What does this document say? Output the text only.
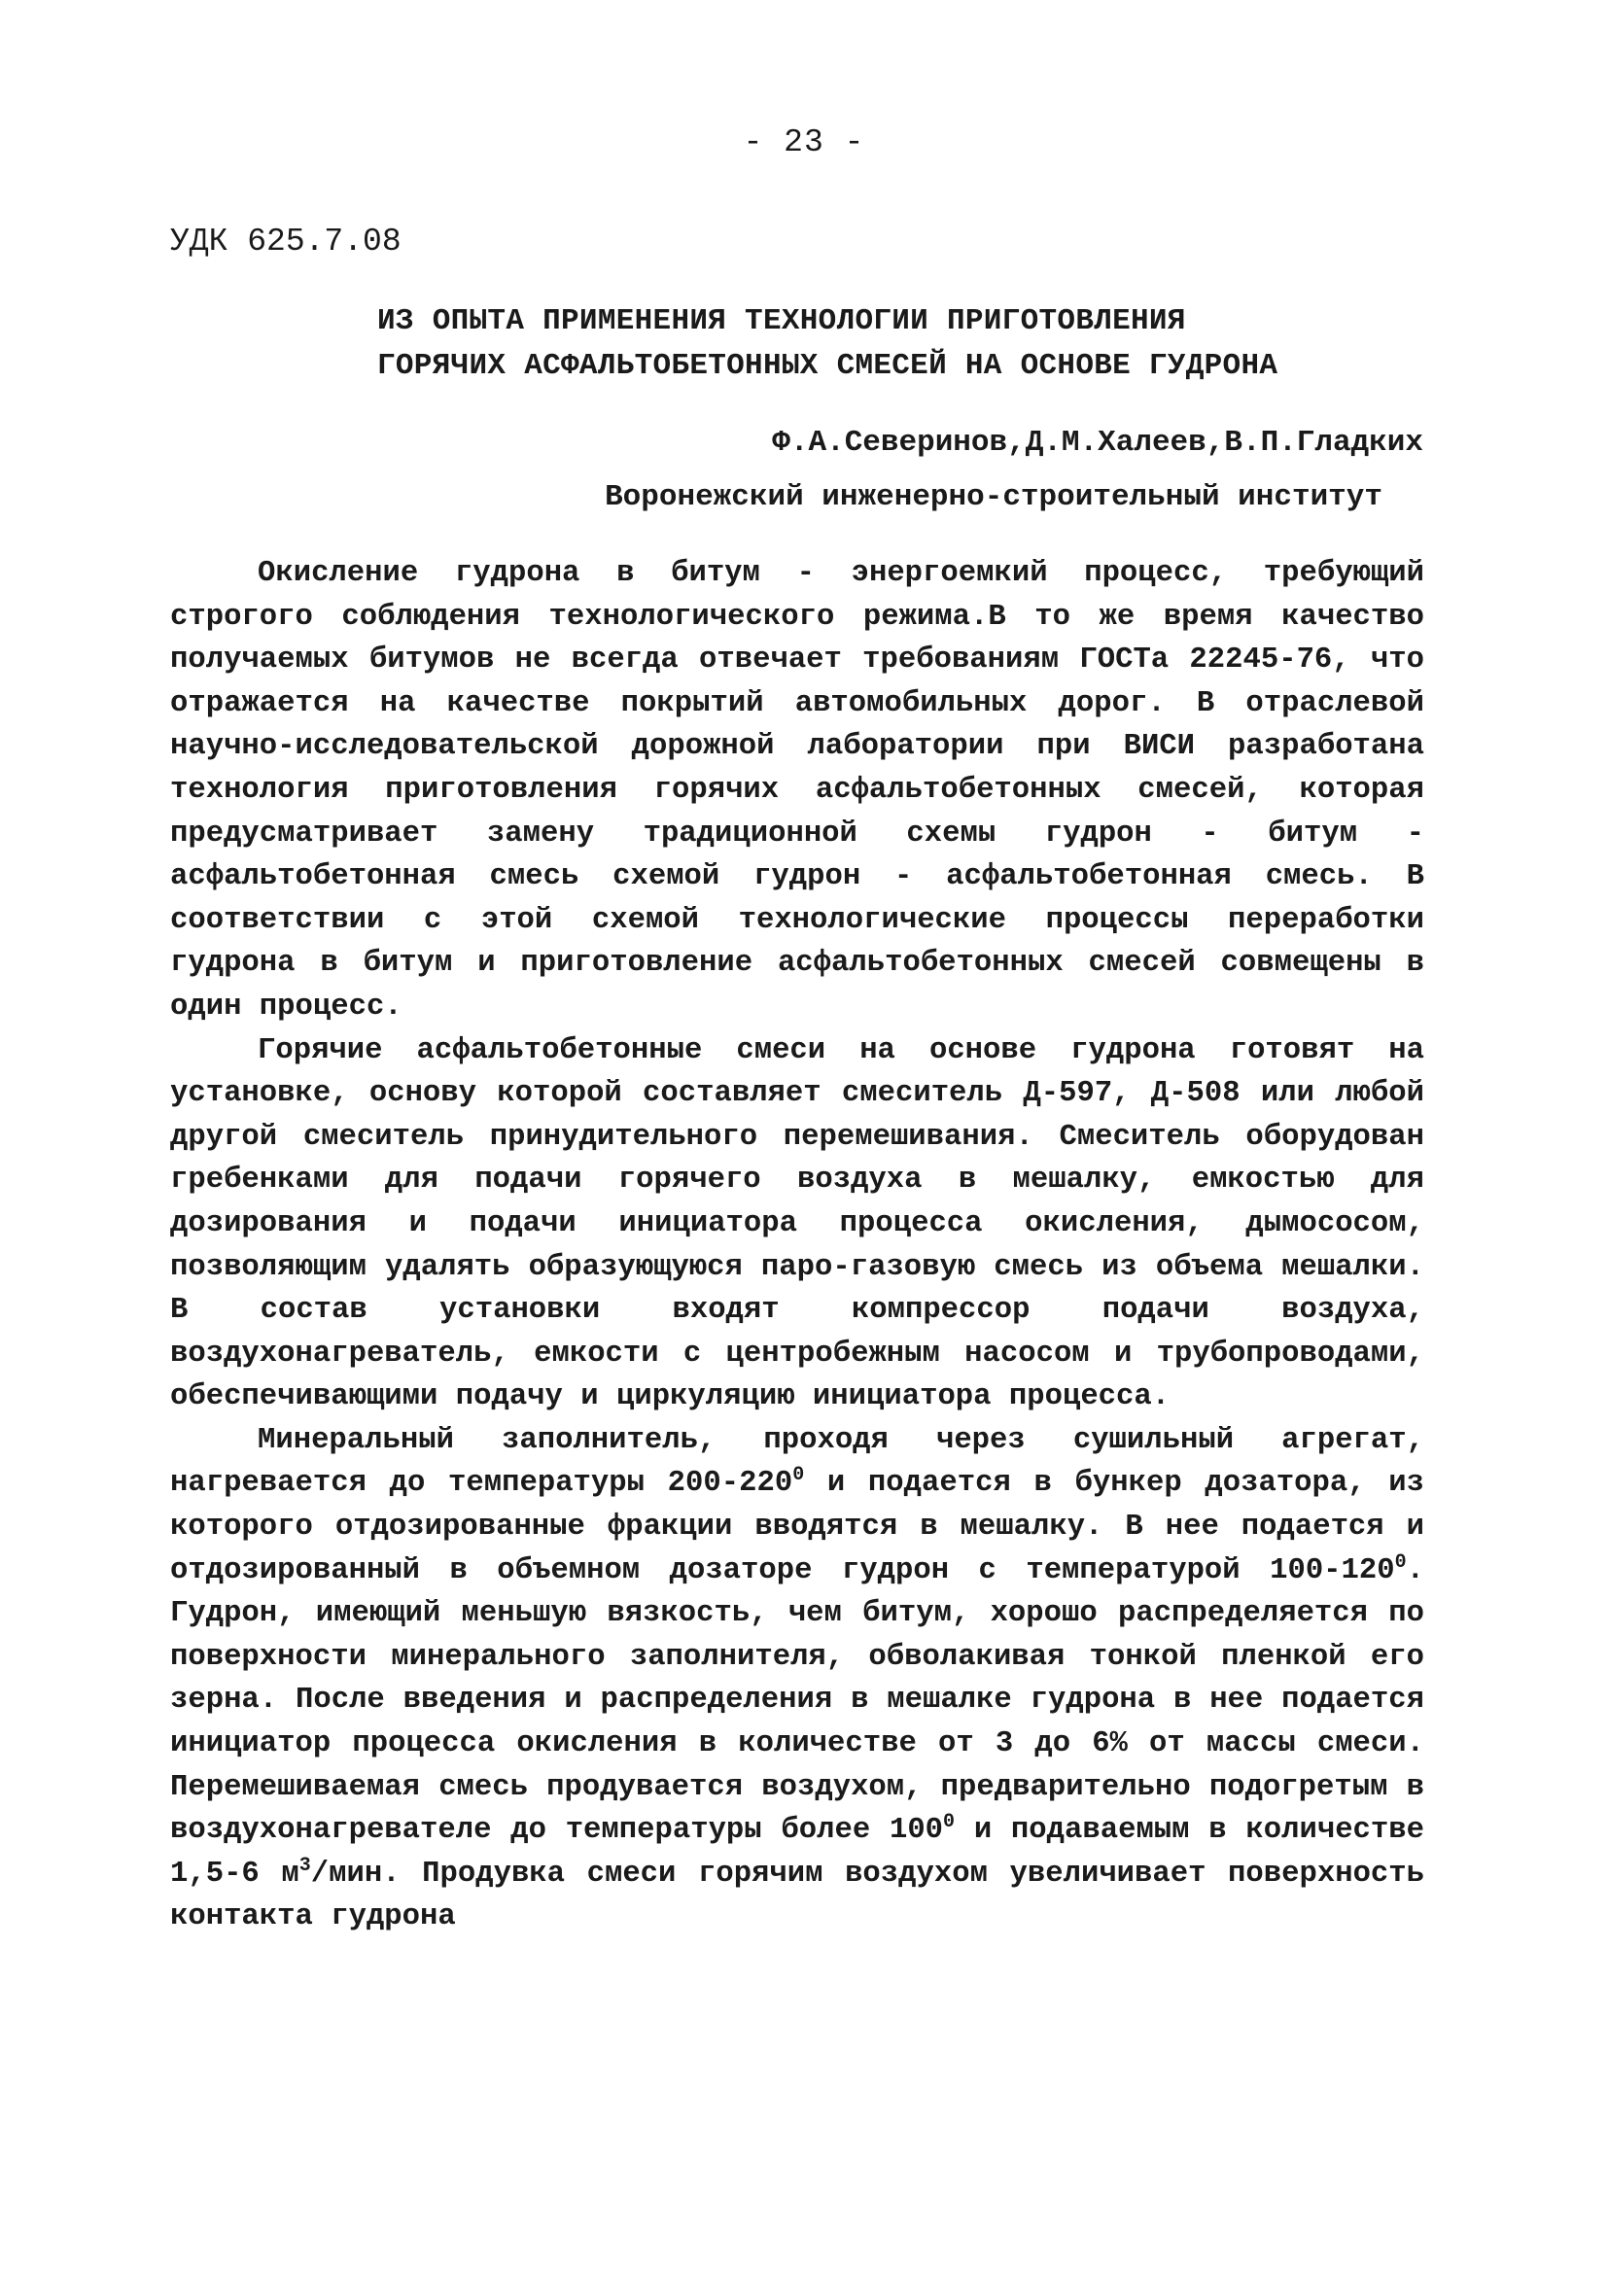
- 23 -
УДК 625.7.08
ИЗ ОПЫТА ПРИМЕНЕНИЯ ТЕХНОЛОГИИ ПРИГОТОВЛЕНИЯ
ГОРЯЧИХ АСФАЛЬТОБЕТОННЫХ СМЕСЕЙ НА ОСНОВЕ ГУДРОНА
Ф.А.Северинов,Д.М.Халеев,В.П.Гладких
Воронежский инженерно-строительный институт

Окисление гудрона в битум - энергоемкий процесс, требующий строгого соблюдения технологического режима.В то же время качество получаемых битумов не всегда отвечает требованиям ГОСТа 22245-76, что отражается на качестве покрытий автомобильных дорог. В отраслевой научно-исследовательской дорожной лаборатории при ВИСИ разработана технология приготовления горячих асфальтобетонных смесей, которая предусматривает замену традиционной схемы гудрон - битум - асфальтобетонная смесь схемой гудрон - асфальтобетонная смесь. В соответствии с этой схемой технологические процессы переработки гудрона в битум и приготовление асфальтобетонных смесей совмещены в один процесс.

Горячие асфальтобетонные смеси на основе гудрона готовят на установке, основу которой составляет смеситель Д-597, Д-508 или любой другой смеситель принудительного перемешивания. Смеситель оборудован гребенками для подачи горячего воздуха в мешалку, емкостью для дозирования и подачи инициатора процесса окисления, дымососом, позволяющим удалять образующуюся паро-газовую смесь из объема мешалки. В состав установки входят компрессор подачи воздуха, воздухонагреватель, емкости с центробежным насосом и трубопроводами, обеспечивающими подачу и циркуляцию инициатора процесса.

Минеральный заполнитель, проходя через сушильный агрегат, нагревается до температуры $200-220^0$ и подается в бункер дозатора, из которого отдозированные фракции вводятся в мешалку. В нее подается и отдозированный в объемном дозаторе гудрон с температурой $100-120^0$. Гудрон, имеющий меньшую вязкость, чем битум, хорошо распределяется по поверхности минерального заполнителя, обволакивая тонкой пленкой его зерна. После введения и распределения в мешалке гудрона в нее подается инициатор процесса окисления в количестве от 3 до 6% от массы смеси. Перемешиваемая смесь продувается воздухом, предварительно подогретым в воздухонагревателе до температуры более $100^0$ и подаваемым в количестве 1,5-6 $м^3$/мин. Продувка смеси горячим воздухом увеличивает поверхность контакта гудрона
